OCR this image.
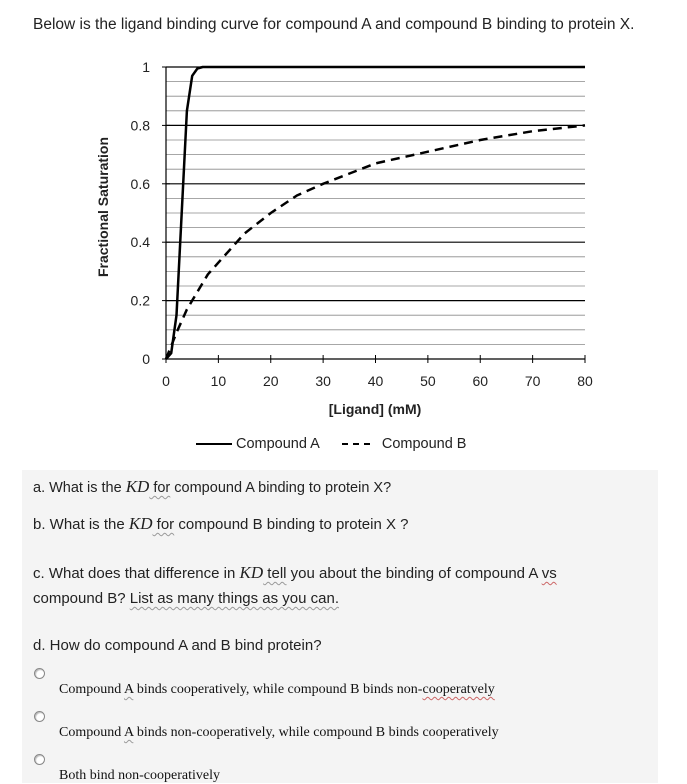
Below is the ligand binding curve for compound A and compound B binding to protein X.
0	10	20	30	40	50	60	70	80
0
0.2
0.4
0.6
0.8
1
Fractional Saturation
[Ligand] (mM)
Compound A	Compound B
a. What is the KD for compound A binding to protein X?
b. What is the KD for compound B binding to protein X ?
c. What does that difference in KD tell you about the binding of compound A vs
compound B? List as many things as you can.
d. How do compound A and B bind protein?
Compound A binds cooperatively, while compound B binds non-cooperatvely
Compound A binds non-cooperatively, while compound B binds cooperatively
Both bind non-cooperatively
